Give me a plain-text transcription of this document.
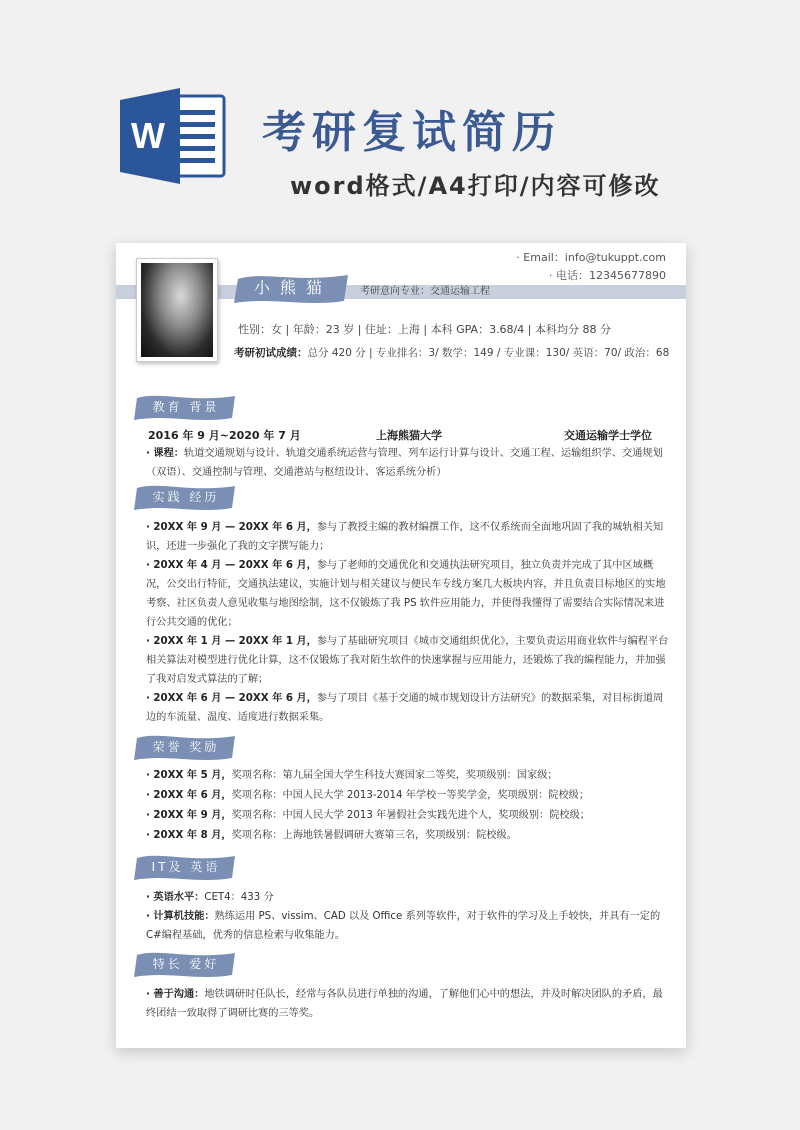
W 考研复试简历
word格式/A4打印/内容可修改
· Email：info@tukuppt.com
· 电话：12345677890
小熊猫	考研意向专业：交通运输工程
性别：女 | 年龄：23 岁 | 住址：上海 | 本科 GPA：3.68/4 | 本科均分 88 分
考研初试成绩：总分 420 分 | 专业排名：3/ 数学：149 / 专业课：130/ 英语：70/ 政治：68
教育 背景
2016 年 9 月~2020 年 7 月	上海熊猫大学	交通运输学士学位

· 课程：轨道交通规划与设计、轨道交通系统运营与管理、列车运行计算与设计、交通工程、运输组织学、交通规划（双语）、交通控制与管理、交通港站与枢纽设计、客运系统分析）

实践 经历

· 20XX 年 9 月 — 20XX 年 6 月，参与了教授主编的教材编撰工作，这不仅系统而全面地巩固了我的城轨相关知识，还进一步强化了我的文字撰写能力；

· 20XX 年 4 月 — 20XX 年 6 月，参与了老师的交通优化和交通执法研究项目，独立负责并完成了其中区域概况，公交出行特征，交通执法建议，实施计划与相关建议与便民车专线方案几大板块内容，并且负责目标地区的实地考察、社区负责人意见收集与地图绘制，这不仅锻炼了我 PS 软件应用能力，并使得我懂得了需要结合实际情况来进行公共交通的优化；

· 20XX 年 1 月 — 20XX 年 1 月，参与了基础研究项目《城市交通组织优化》，主要负责运用商业软件与编程平台相关算法对模型进行优化计算，这不仅锻炼了我对陌生软件的快速掌握与应用能力，还锻炼了我的编程能力，并加强了我对启发式算法的了解；

· 20XX 年 6 月 — 20XX 年 6 月，参与了项目《基于交通的城市规划设计方法研究》的数据采集，对目标街道周边的车流量、温度、适度进行数据采集。

荣誉 奖励

· 20XX 年 5 月，奖项名称：第九届全国大学生科技大赛国家二等奖，奖项级别：国家级；

· 20XX 年 6 月，奖项名称：中国人民大学 2013-2014 年学校一等奖学金，奖项级别：院校级；

· 20XX 年 9 月，奖项名称：中国人民大学 2013 年暑假社会实践先进个人，奖项级别：院校级；

· 20XX 年 8 月，奖项名称：上海地铁暑假调研大赛第三名，奖项级别：院校级。

IT及 英语

· 英语水平：CET4：433 分

· 计算机技能：熟练运用 PS、vissim、CAD 以及 Office 系列等软件，对于软件的学习及上手较快，并具有一定的 C#编程基础，优秀的信息检索与收集能力。

特长 爱好

· 善于沟通：地铁调研时任队长，经常与各队员进行单独的沟通，了解他们心中的想法，并及时解决团队的矛盾，最终团结一致取得了调研比赛的三等奖。
